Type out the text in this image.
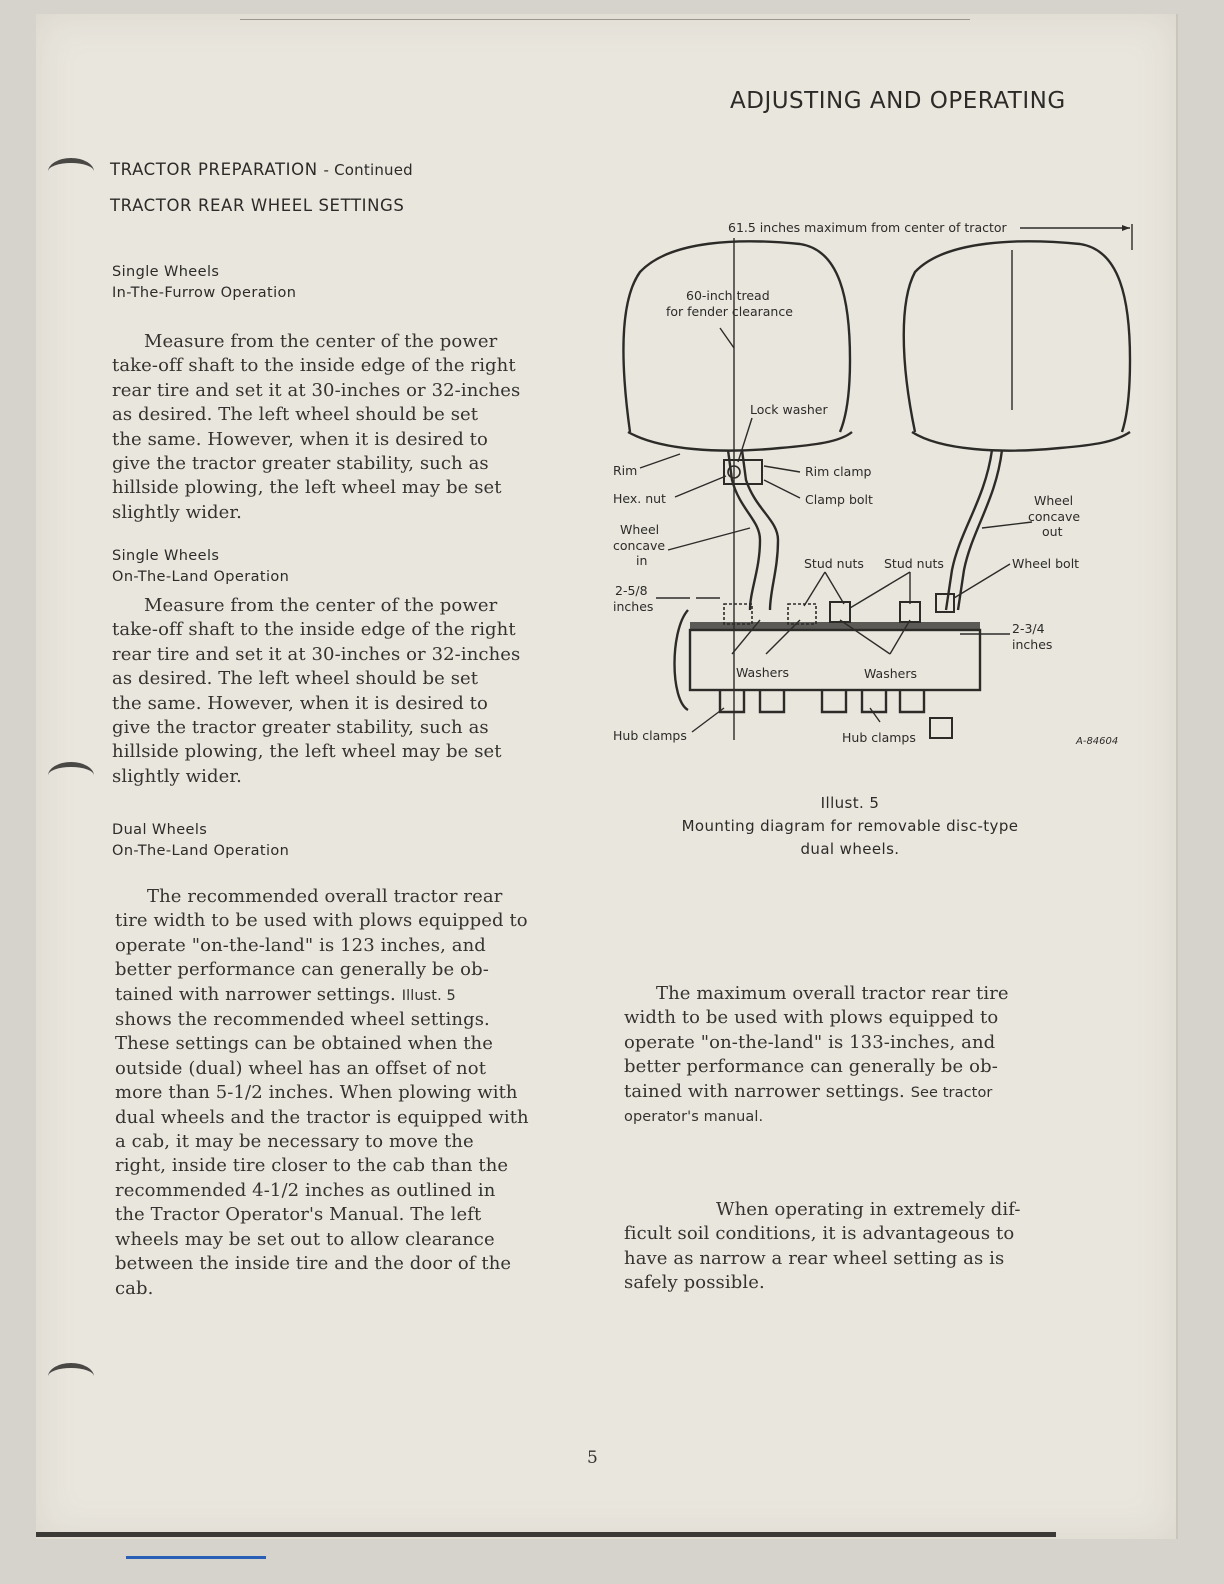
ADJUSTING AND OPERATING
TRACTOR PREPARATION - Continued
TRACTOR REAR WHEEL SETTINGS
Single Wheels
In-The-Furrow Operation
Measure from the center of the power
take-off shaft to the inside edge of the right
rear tire and set it at 30-inches or 32-inches
as desired. The left wheel should be set
the same. However, when it is desired to
give the tractor greater stability, such as
hillside plowing, the left wheel may be set
slightly wider.
Single Wheels
On-The-Land Operation
Measure from the center of the power
take-off shaft to the inside edge of the right
rear tire and set it at 30-inches or 32-inches
as desired. The left wheel should be set
the same. However, when it is desired to
give the tractor greater stability, such as
hillside plowing, the left wheel may be set
slightly wider.
Dual Wheels
On-The-Land Operation
The recommended overall tractor rear
tire width to be used with plows equipped to
operate "on-the-land" is 123 inches, and
better performance can generally be ob-
tained with narrower settings. Illust. 5
shows the recommended wheel settings.
These settings can be obtained when the
outside (dual) wheel has an offset of not
more than 5-1/2 inches. When plowing with
dual wheels and the tractor is equipped with
a cab, it may be necessary to move the
right, inside tire closer to the cab than the
recommended 4-1/2 inches as outlined in
the Tractor Operator's Manual. The left
wheels may be set out to allow clearance
between the inside tire and the door of the
cab.
61.5 inches maximum from center of tractor
60-inch tread
for fender clearance
Lock washer
Rim	Rim clamp
Hex. nut	Clamp bolt	Wheel
concave
out
Wheel
concave
in	Stud nuts Stud nuts	Wheel bolt
2-5/8
inches
2-3/4
inches
Washers	Washers
Hub clamps	Hub clamps	A-84604
Illust. 5
Mounting diagram for removable disc-type
dual wheels.
The maximum overall tractor rear tire
width to be used with plows equipped to
operate "on-the-land" is 133-inches, and
better performance can generally be ob-
tained with narrower settings. See tractor
operator's manual.
When operating in extremely dif-
ficult soil conditions, it is advantageous to
have as narrow a rear wheel setting as is
safely possible.
5
